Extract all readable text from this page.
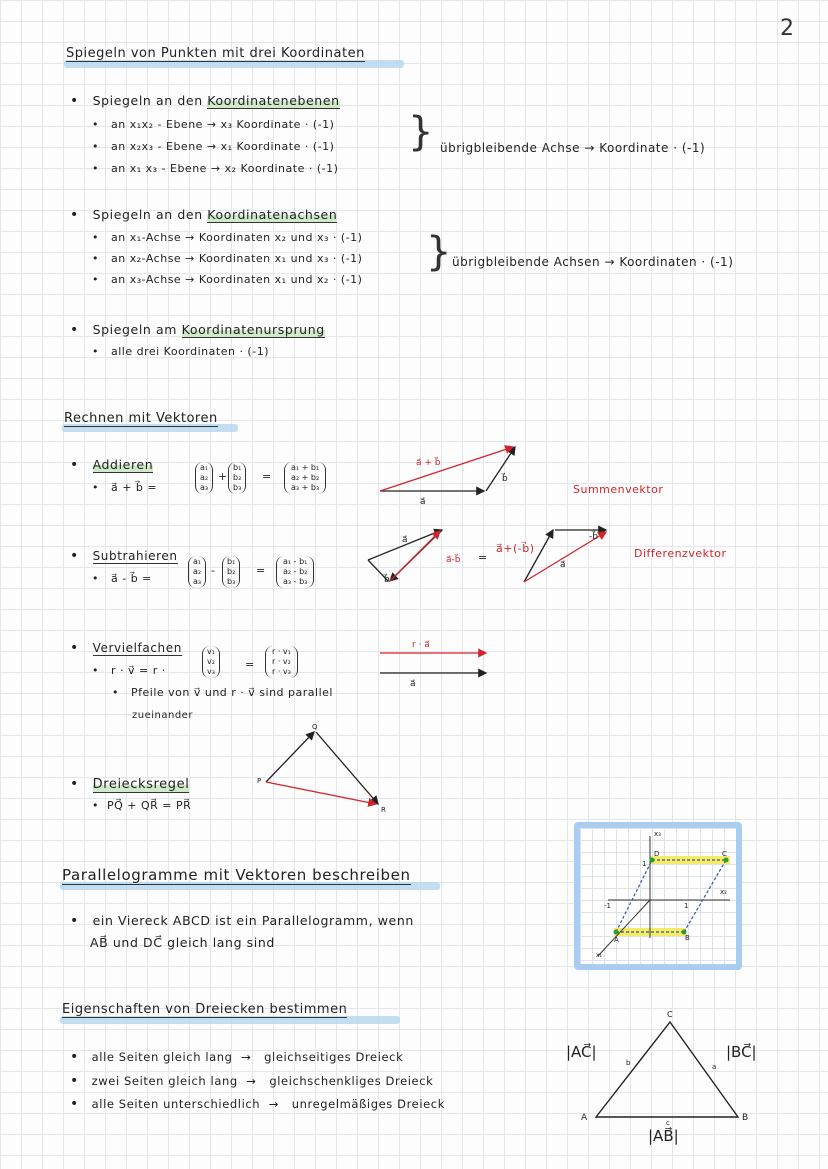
2
Spiegeln von Punkten mit drei Koordinaten
• Spiegeln an den Koordinatenebenen
•   an x₁x₂ - Ebene → x₃ Koordinate · (-1)
•   an x₂x₃ - Ebene → x₁ Koordinate · (-1)
•   an x₁ x₃ - Ebene → x₂ Koordinate · (-1)
} übrigbleibende Achse → Koordinate · (-1)
• Spiegeln an den Koordinatenachsen
•   an x₁-Achse → Koordinaten x₂ und x₃ · (-1)
•   an x₂-Achse → Koordinaten x₁ und x₃ · (-1)
•   an x₃-Achse → Koordinaten x₁ und x₂ · (-1)
} übrigbleibende Achsen → Koordinaten · (-1)
• Spiegeln am Koordinatenursprung
•   alle drei Koordinaten · (-1)
Rechnen mit Vektoren
• Addieren
•   a⃗ + b⃗ =
a₁
a₂
a₃
+
b₁
b₂
b₃
=
a₁ + b₁
a₂ + b₂
a₃ + b₃
a⃗ + b⃗
a⃗
b⃗
Summenvektor
• Subtrahieren
•   a⃗ - b⃗ =
a₁
a₂
a₃
-
b₁
b₂
b₃
=
a₁ - b₁
a₂ - b₂
a₃ - b₃
a⃗
b⃗
a⃗-b⃗ =
a⃗+(-b⃗)
a⃗
-b⃗
Differenzvektor
• Vervielfachen
•   r · v⃗ = r ·
v₁
v₂
v₃
=
r · v₁
r · v₂
r · v₃
•   Pfeile von v⃗ und r · v⃗ sind parallel
zueinander
r · a⃗
a⃗
• Dreiecksregel
•  PQ⃗ + QR⃗ = PR⃗
P
Q
R
Parallelogramme mit Vektoren beschreiben
• ein Viereck ABCD ist ein Parallelogramm, wenn
AB⃗ und DC⃗ gleich lang sind
x₃
x₂
x₁
1
1
-1
A	B
C
D
Eigenschaften von Dreiecken bestimmen
• alle Seiten gleich lang → gleichseitiges Dreieck
• zwei Seiten gleich lang → gleichschenkliges Dreieck
• alle Seiten unterschiedlich → unregelmäßiges Dreieck
C
A	B
a
b
c
|AC⃗|	|BC⃗|
|AB⃗|
